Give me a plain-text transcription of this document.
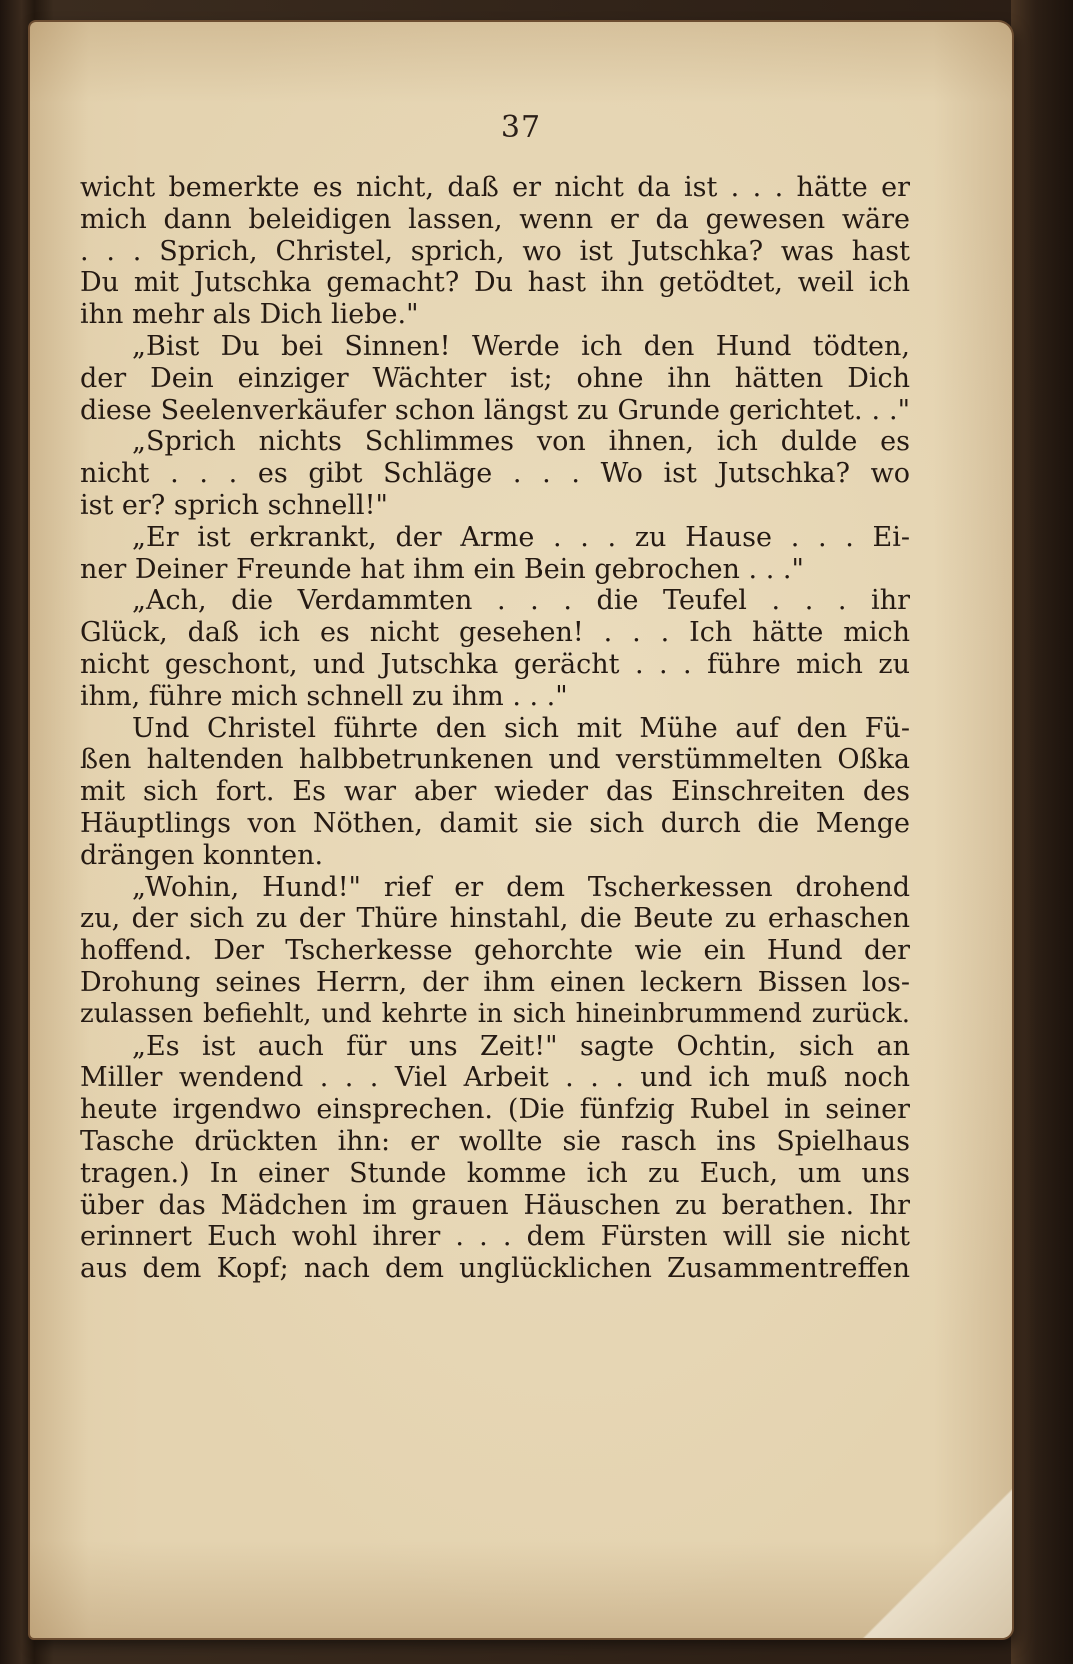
37
wicht bemerkte es nicht, daß er nicht da ist . . . hätte er
mich dann beleidigen lassen, wenn er da gewesen wäre
. . . Sprich, Christel, sprich, wo ist Jutschka? was hast
Du mit Jutschka gemacht? Du hast ihn getödtet, weil ich
ihn mehr als Dich liebe."
„Bist Du bei Sinnen! Werde ich den Hund tödten,
der Dein einziger Wächter ist; ohne ihn hätten Dich
diese Seelenverkäufer schon längst zu Grunde gerichtet. . ."
„Sprich nichts Schlimmes von ihnen, ich dulde es
nicht . . . es gibt Schläge . . . Wo ist Jutschka? wo
ist er? sprich schnell!"
„Er ist erkrankt, der Arme . . . zu Hause . . . Ei-
ner Deiner Freunde hat ihm ein Bein gebrochen . . ."
„Ach, die Verdammten . . . die Teufel . . . ihr
Glück, daß ich es nicht gesehen! . . . Ich hätte mich
nicht geschont, und Jutschka gerächt . . . führe mich zu
ihm, führe mich schnell zu ihm . . ."
Und Christel führte den sich mit Mühe auf den Fü-
ßen haltenden halbbetrunkenen und verstümmelten Oßka
mit sich fort. Es war aber wieder das Einschreiten des
Häuptlings von Nöthen, damit sie sich durch die Menge
drängen konnten.
„Wohin, Hund!" rief er dem Tscherkessen drohend
zu, der sich zu der Thüre hinstahl, die Beute zu erhaschen
hoffend. Der Tscherkesse gehorchte wie ein Hund der
Drohung seines Herrn, der ihm einen leckern Bissen los-
zulassen befiehlt, und kehrte in sich hineinbrummend zurück.
„Es ist auch für uns Zeit!" sagte Ochtin, sich an
Miller wendend . . . Viel Arbeit . . . und ich muß noch
heute irgendwo einsprechen. (Die fünfzig Rubel in seiner
Tasche drückten ihn: er wollte sie rasch ins Spielhaus
tragen.) In einer Stunde komme ich zu Euch, um uns
über das Mädchen im grauen Häuschen zu berathen. Ihr
erinnert Euch wohl ihrer . . . dem Fürsten will sie nicht
aus dem Kopf; nach dem unglücklichen Zusammentreffen
